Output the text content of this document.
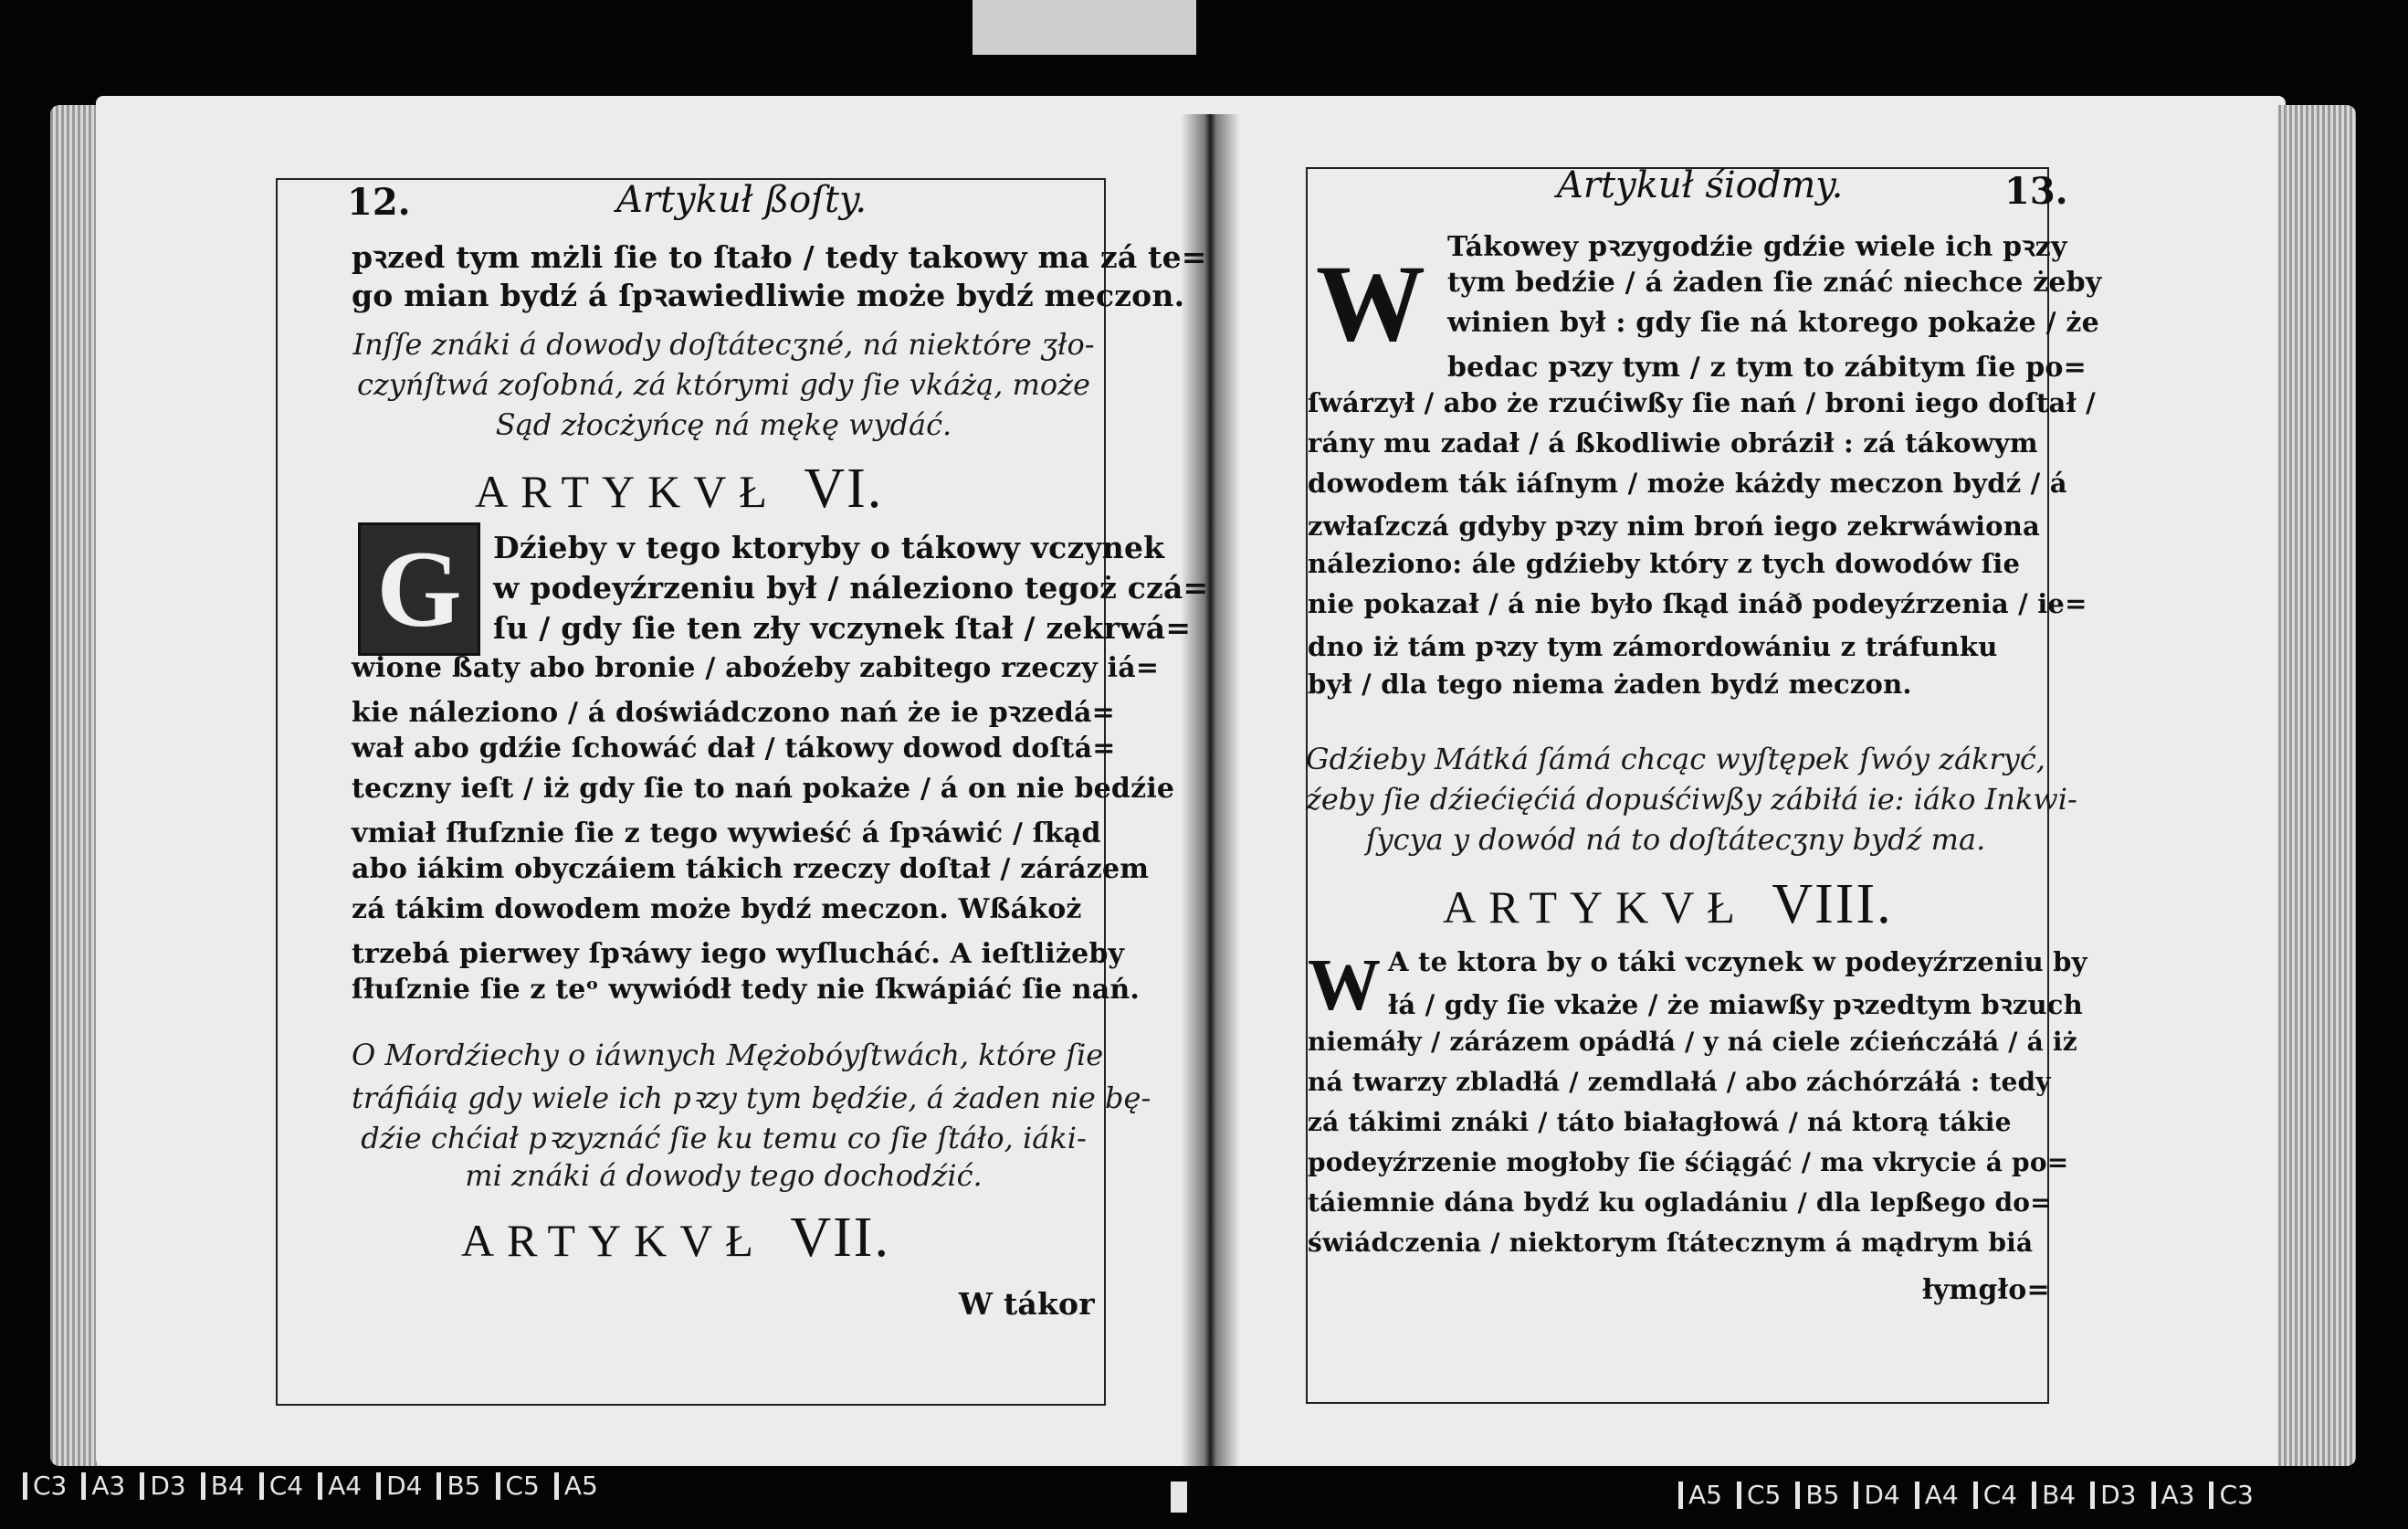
12.	Artykuł ßoſty.
pꝛzed tym mżli ſie to ſtało / tedy takowy ma zá te=
go mian bydź á ſpꝛawiedliwie może bydź meczon.
Inſſe znáki á dowody doſtátecʒné, ná niektóre ʒło-
czyńſtwá zoſobná, zá którymi gdy ſie vkáżą, może
Sąd złocżyńcę ná mękę wydáć.
ARTYKVŁ VI.
G	Dźieby v tego ktoryby o tákowy vczynek
w podeyźrzeniu był / náleziono tegoż czá=
ſu / gdy ſie ten zły vczynek ſtał / zekrwá=
wione ßaty abo bronie / aboźeby zabitego rzeczy iá=
kie náleziono / á doświádczono nań że ie pꝛzedá=
wał abo gdźie ſchowáć dał / tákowy dowod doſtá=
teczny ieſt / iż gdy ſie to nań pokaże / á on nie bedźie
vmiał ſłuſznie ſie z tego wywieść á ſpꝛáwić / ſkąd
abo iákim obyczáiem tákich rzeczy doſtał / zárázem
zá tákim dowodem może bydź meczon. Wßákoż
trzebá pierwey ſpꝛáwy iego wyſlucháć. A ieſtliżeby
ſłuſznie ſie z teᵒ wywiódł tedy nie ſkwápiáć ſie nań.
O Mordźiechy o iáwnych Mężobóyſtwách, które ſie
tráfiáią gdy wiele ich pꝛzy tym będźie, á żaden nie bę-
dźie chćiał pꝛzyznáć ſie ku temu co ſie ſtáło, iáki-
mi znáki á dowody tego dochodźić.
ARTYKVŁ VII.
W tákor
Artykuł śiodmy.	13.
W Tákowey pꝛzygodźie gdźie wiele ich pꝛzy
tym bedźie / á żaden ſie znáć niechce żeby
winien był : gdy ſie ná ktorego pokaże / że
bedac pꝛzy tym / z tym to zábitym ſie po=
ſwárzył / abo że rzućiwßy ſie nań / broni iego doſtał /
rány mu zadał / á ßkodliwie obráził : zá tákowym
dowodem ták iáſnym / może káżdy meczon bydź / á
zwłaſzczá gdyby pꝛzy nim broń iego zekrwáwiona
náleziono: ále gdźieby który z tych dowodów ſie
nie pokazał / á nie było ſkąd ináð podeyźrzenia / ie=
dno iż tám pꝛzy tym zámordowániu z tráfunku
był / dla tego niema żaden bydź meczon.
Gdźieby Mátká ſámá chcąc wyſtępek ſwóy zákryć,
źeby ſie dźiećięćiá dopuśćiwßy zábiłá ie: iáko Inkwi-
ſycya y dowód ná to doſtátecʒny bydź ma.
ARTYKVŁ VIII.
W A te ktora by o táki vczynek w podeyźrzeniu by
łá / gdy ſie vkaże / że miawßy pꝛzedtym bꝛzuch
niemáły / zárázem opádłá / y ná ciele zćieńczáłá / á iż
ná twarzy zbladłá / zemdlałá / abo záchórzáłá : tedy
zá tákimi znáki / táto białagłowá / ná ktorą tákie
podeyźrzenie mogłoby ſie śćiągáć / ma vkrycie á po=
táiemnie dána bydź ku ogladániu / dla lepßego do=
świádczenia / niektorym ſtátecznym á mądrym biá
łymgło=
C3 A3 D3 B4 C4 A4 D4 B5 C5 A5	A5 C5 B5 D4 A4 C4 B4 D3 A3 C3
